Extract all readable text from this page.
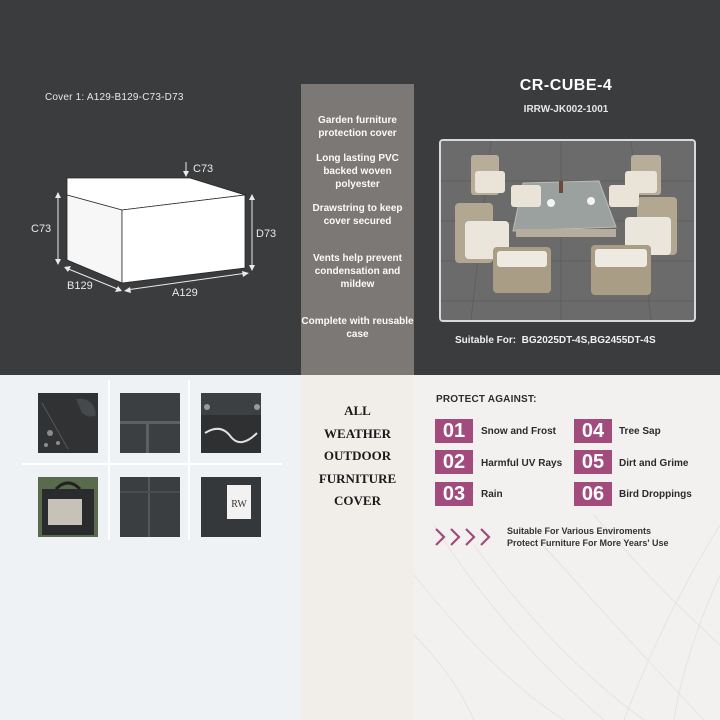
Cover 1: A129-B129-C73-D73
C73
C73	D73
B129
A129
Garden furniture protection cover
Long lasting PVC backed woven polyester
Drawstring to keep cover secured
Vents help prevent condensation and mildew
Complete with reusable case
CR-CUBE-4
IRRW-JK002-1001
Suitable For:  BG2025DT-4S,BG2455DT-4S
RW
ALL
WEATHER
OUTDOOR
FURNITURE
COVER
PROTECT AGAINST:
01	Snow and Frost
02	Harmful UV Rays
03	Rain
04	Tree Sap
05	Dirt and Grime
06	Bird Droppings
Suitable For Various Enviroments
Protect Furniture For More Years' Use
